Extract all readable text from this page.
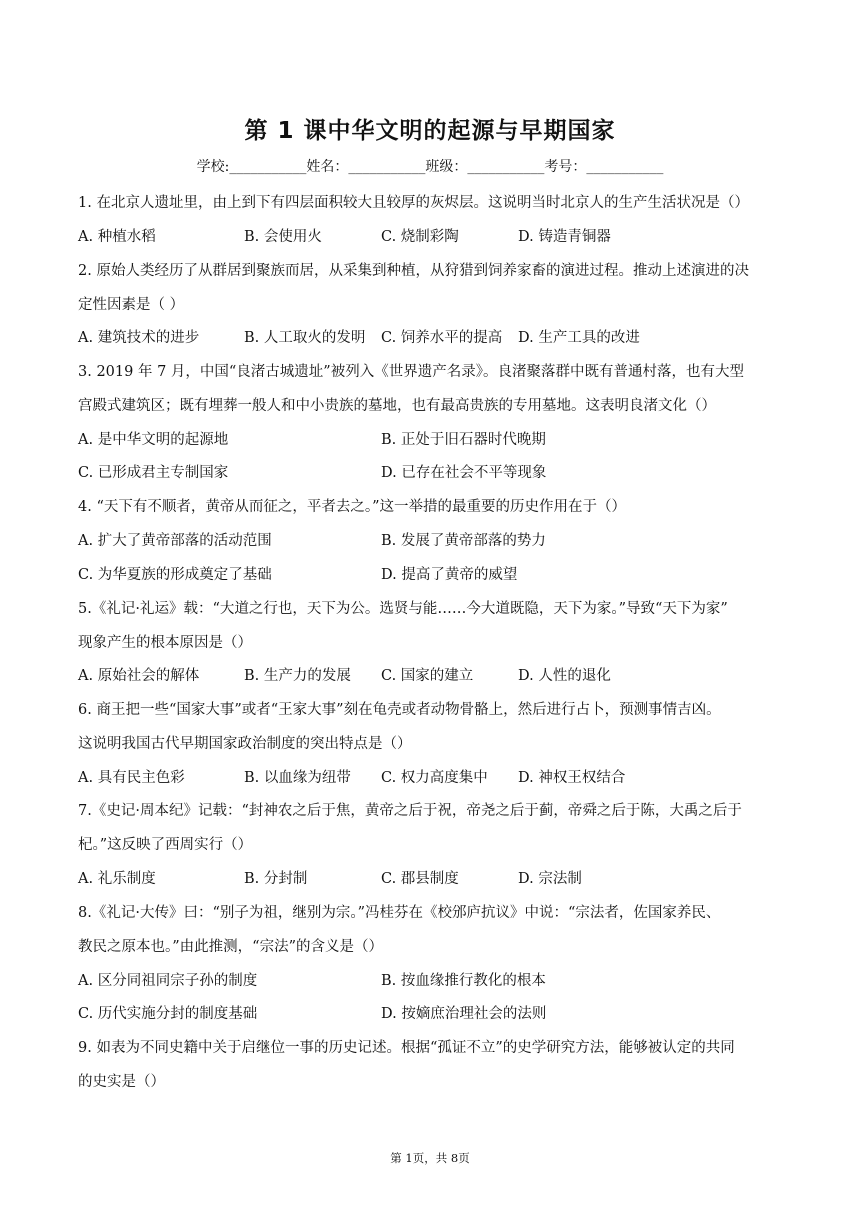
第 1 课中华文明的起源与早期国家
学校:___________姓名：___________班级：___________考号：___________
1. 在北京人遗址里，由上到下有四层面积较大且较厚的灰烬层。这说明当时北京人的生产生活状况是（）
A. 种植水稻	B. 会使用火	C. 烧制彩陶	D. 铸造青铜器
2. 原始人类经历了从群居到聚族而居，从采集到种植，从狩猎到饲养家畜的演进过程。推动上述演进的决
定性因素是（ ）
A. 建筑技术的进步	B. 人工取火的发明 C. 饲养水平的提高 D. 生产工具的改进
3. 2019 年 7 月，中国“良渚古城遗址”被列入《世界遗产名录》。良渚聚落群中既有普通村落，也有大型
宫殿式建筑区；既有埋葬一般人和中小贵族的墓地，也有最高贵族的专用墓地。这表明良渚文化（）
A. 是中华文明的起源地	B. 正处于旧石器时代晚期
C. 已形成君主专制国家	D. 已存在社会不平等现象
4. “天下有不顺者，黄帝从而征之，平者去之。”这一举措的最重要的历史作用在于（）
A. 扩大了黄帝部落的活动范围	B. 发展了黄帝部落的势力
C. 为华夏族的形成奠定了基础	D. 提高了黄帝的威望
5.《礼记·礼运》载：“大道之行也，天下为公。选贤与能……今大道既隐，天下为家。”导致“天下为家”
现象产生的根本原因是（）
A. 原始社会的解体	B. 生产力的发展 C. 国家的建立	D. 人性的退化
6. 商王把一些“国家大事”或者“王家大事”刻在龟壳或者动物骨骼上，然后进行占卜，预测事情吉凶。
这说明我国古代早期国家政治制度的突出特点是（）
A. 具有民主色彩	B. 以血缘为纽带 C. 权力高度集中 D. 神权王权结合
7.《史记·周本纪》记载：“封神农之后于焦，黄帝之后于祝，帝尧之后于蓟，帝舜之后于陈，大禹之后于
杞。”这反映了西周实行（）
A. 礼乐制度	B. 分封制	C. 郡县制度	D. 宗法制
8.《礼记·大传》曰：“别子为祖，继别为宗。”冯桂芬在《校邠庐抗议》中说：“宗法者，佐国家养民、
教民之原本也。”由此推测，“宗法”的含义是（）
A. 区分同祖同宗子孙的制度	B. 按血缘推行教化的根本
C. 历代实施分封的制度基础	D. 按嫡庶治理社会的法则
9. 如表为不同史籍中关于启继位一事的历史记述。根据“孤证不立”的史学研究方法，能够被认定的共同
的史实是（）
第 1页，共 8页
